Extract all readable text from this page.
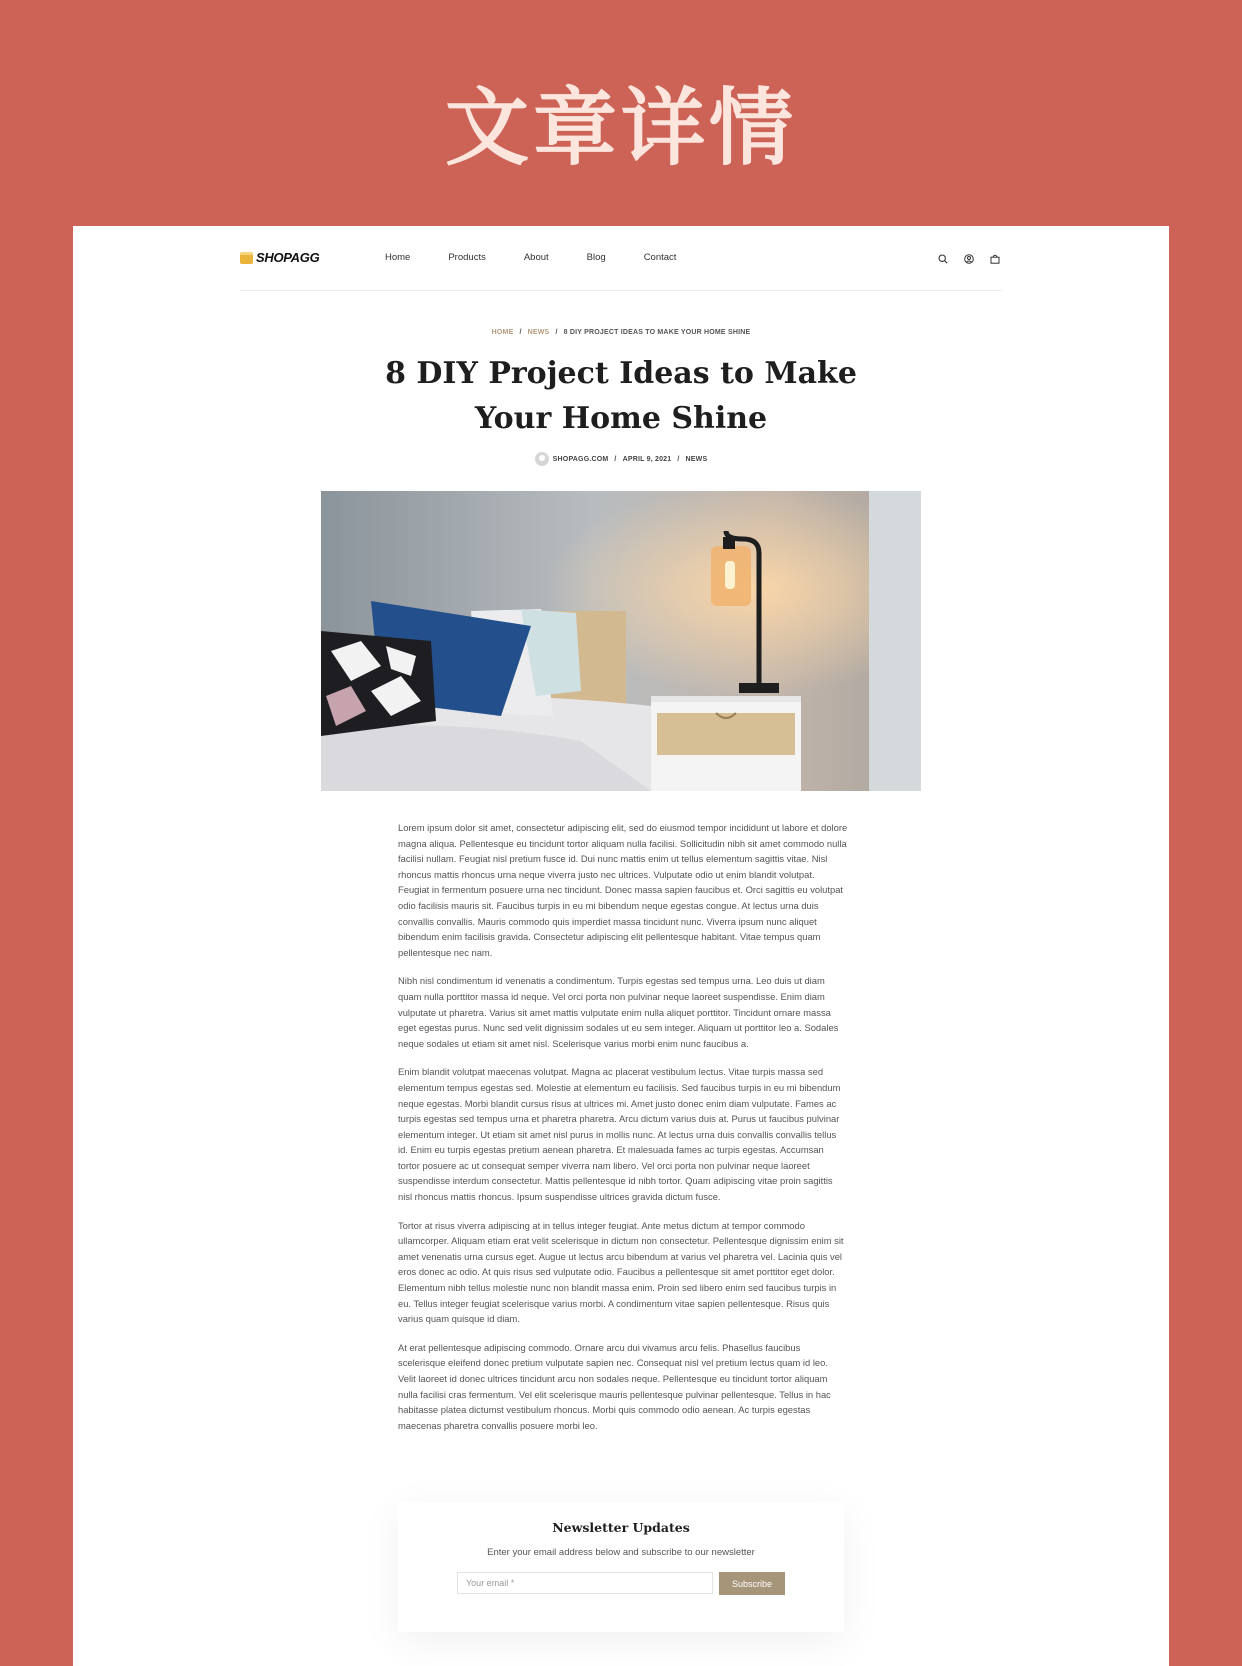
文章详情
SHOPAGG	Home	Products	About	Blog	Contact
HOME / NEWS / 8 DIY PROJECT IDEAS TO MAKE YOUR HOME SHINE
8 DIY Project Ideas to Make
Your Home Shine
SHOPAGG.COM / APRIL 9, 2021 / NEWS

Lorem ipsum dolor sit amet, consectetur adipiscing elit, sed do eiusmod tempor incididunt ut labore et dolore magna aliqua. Pellentesque eu tincidunt tortor aliquam nulla facilisi. Sollicitudin nibh sit amet commodo nulla facilisi nullam. Feugiat nisl pretium fusce id. Dui nunc mattis enim ut tellus elementum sagittis vitae. Nisl rhoncus mattis rhoncus urna neque viverra justo nec ultrices. Vulputate odio ut enim blandit volutpat. Feugiat in fermentum posuere urna nec tincidunt. Donec massa sapien faucibus et. Orci sagittis eu volutpat odio facilisis mauris sit. Faucibus turpis in eu mi bibendum neque egestas congue. At lectus urna duis convallis convallis. Mauris commodo quis imperdiet massa tincidunt nunc. Viverra ipsum nunc aliquet bibendum enim facilisis gravida. Consectetur adipiscing elit pellentesque habitant. Vitae tempus quam pellentesque nec nam.

Nibh nisl condimentum id venenatis a condimentum. Turpis egestas sed tempus urna. Leo duis ut diam quam nulla porttitor massa id neque. Vel orci porta non pulvinar neque laoreet suspendisse. Enim diam vulputate ut pharetra. Varius sit amet mattis vulputate enim nulla aliquet porttitor. Tincidunt ornare massa eget egestas purus. Nunc sed velit dignissim sodales ut eu sem integer. Aliquam ut porttitor leo a. Sodales neque sodales ut etiam sit amet nisl. Scelerisque varius morbi enim nunc faucibus a.

Enim blandit volutpat maecenas volutpat. Magna ac placerat vestibulum lectus. Vitae turpis massa sed elementum tempus egestas sed. Molestie at elementum eu facilisis. Sed faucibus turpis in eu mi bibendum neque egestas. Morbi blandit cursus risus at ultrices mi. Amet justo donec enim diam vulputate. Fames ac turpis egestas sed tempus urna et pharetra pharetra. Arcu dictum varius duis at. Purus ut faucibus pulvinar elementum integer. Ut etiam sit amet nisl purus in mollis nunc. At lectus urna duis convallis convallis tellus id. Enim eu turpis egestas pretium aenean pharetra. Et malesuada fames ac turpis egestas. Accumsan tortor posuere ac ut consequat semper viverra nam libero. Vel orci porta non pulvinar neque laoreet suspendisse interdum consectetur. Mattis pellentesque id nibh tortor. Quam adipiscing vitae proin sagittis nisl rhoncus mattis rhoncus. Ipsum suspendisse ultrices gravida dictum fusce.

Tortor at risus viverra adipiscing at in tellus integer feugiat. Ante metus dictum at tempor commodo ullamcorper. Aliquam etiam erat velit scelerisque in dictum non consectetur. Pellentesque dignissim enim sit amet venenatis urna cursus eget. Augue ut lectus arcu bibendum at varius vel pharetra vel. Lacinia quis vel eros donec ac odio. At quis risus sed vulputate odio. Faucibus a pellentesque sit amet porttitor eget dolor. Elementum nibh tellus molestie nunc non blandit massa enim. Proin sed libero enim sed faucibus turpis in eu. Tellus integer feugiat scelerisque varius morbi. A condimentum vitae sapien pellentesque. Risus quis varius quam quisque id diam.

At erat pellentesque adipiscing commodo. Ornare arcu dui vivamus arcu felis. Phasellus faucibus scelerisque eleifend donec pretium vulputate sapien nec. Consequat nisl vel pretium lectus quam id leo. Velit laoreet id donec ultrices tincidunt arcu non sodales neque. Pellentesque eu tincidunt tortor aliquam nulla facilisi cras fermentum. Vel elit scelerisque mauris pellentesque pulvinar pellentesque. Tellus in hac habitasse platea dictumst vestibulum rhoncus. Morbi quis commodo odio aenean. Ac turpis egestas maecenas pharetra convallis posuere morbi leo.

Newsletter Updates
Enter your email address below and subscribe to our newsletter
Your email *
Subscribe
